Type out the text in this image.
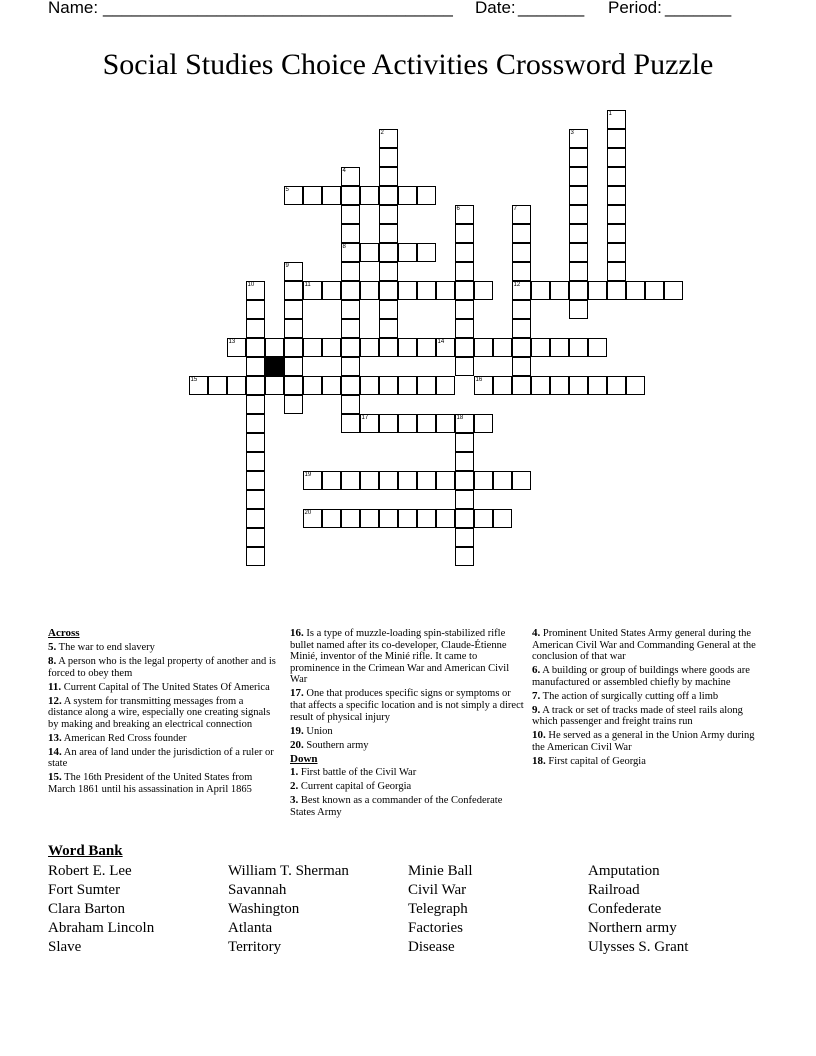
Name: _____________________________________ Date:
_______ Period:
_______
Social Studies Choice Activities Crossword Puzzle
5
8
11	12
13	14
15	16
17	18
19
20
1
2	3
4
6	7
9
10

Across

5. The war to end slavery

8. A person who is the legal property of another and is forced to obey them

11. Current Capital of The United States Of America

12. A system for transmitting messages from a distance along a wire, especially one creating signals by making and breaking an electrical connection

13. American Red Cross founder

14. An area of land under the jurisdiction of a ruler or state

15. The 16th President of the United States from March 1861 until his assassination in April 1865

16. Is a type of muzzle-loading spin-stabilized rifle bullet named after its co-developer, Claude-Étienne Minié, inventor of the Minié rifle. It came to prominence in the Crimean War and American Civil War

17. One that produces specific signs or symptoms or that affects a specific location and is not simply a direct result of physical injury

19. Union

20. Southern army

Down

1. First battle of the Civil War

2. Current capital of Georgia

3. Best known as a commander of the Confederate States Army

4. Prominent United States Army general during the American Civil War and Commanding General at the conclusion of that war

6. A building or group of buildings where goods are manufactured or assembled chiefly by machine

7. The action of surgically cutting off a limb

9. A track or set of tracks made of steel rails along which passenger and freight trains run

10. He served as a general in the Union Army during the American Civil War

18. First capital of Georgia

Word Bank
Robert E. Lee
Fort Sumter
Clara Barton
Abraham Lincoln
Slave
William T. Sherman
Savannah
Washington
Atlanta
Territory
Minie Ball
Civil War
Telegraph
Factories
Disease
Amputation
Railroad
Confederate
Northern army
Ulysses S. Grant
